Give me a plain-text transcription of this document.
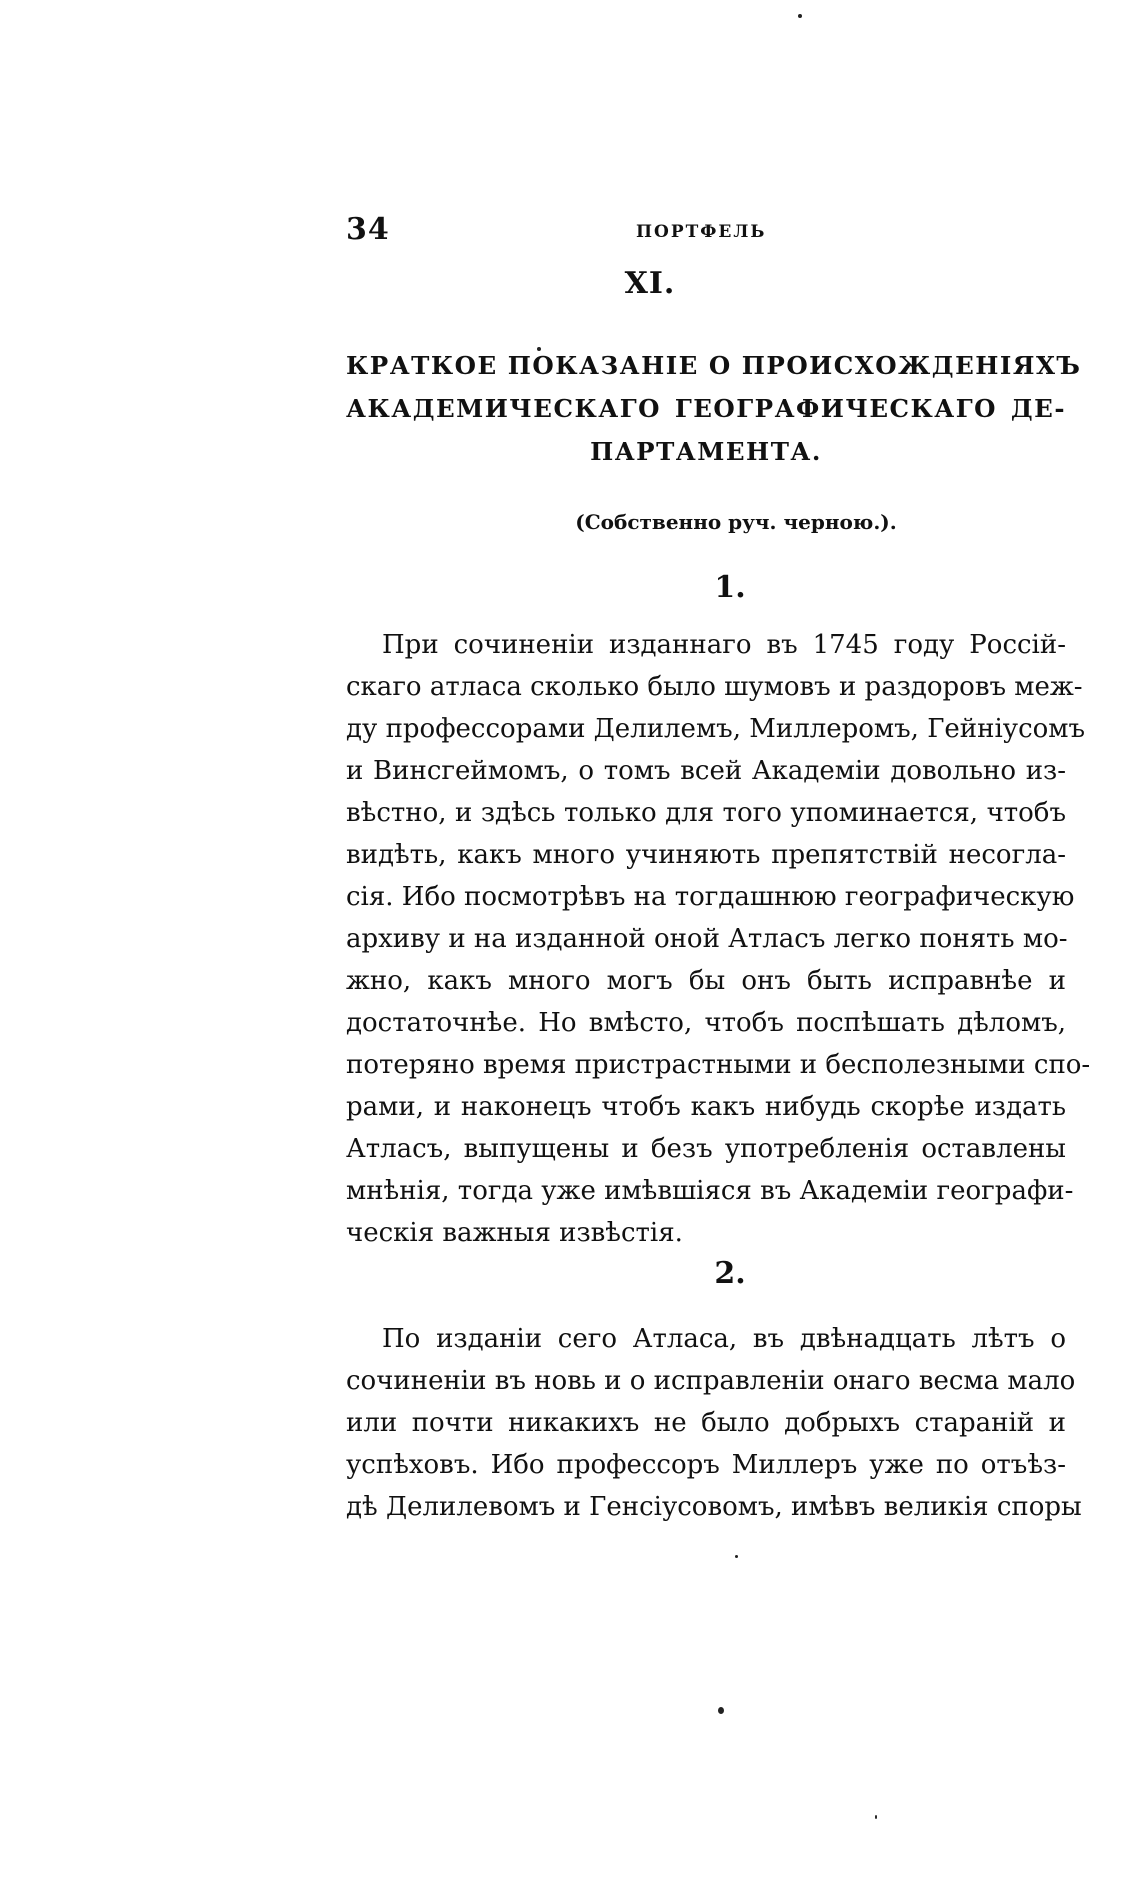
34	ПОРТФЕЛЬ
XI.
КРАТКОЕ ПОКАЗАНІЕ О ПРОИСХОЖДЕНІЯХЪ
АКАДЕМИЧЕСКАГО ГЕОГРАФИЧЕСКАГО ДЕ-
ПАРТАМЕНТА.
(Собственно руч. черною.).
1.

При сочиненіи изданнаго въ 1745 году Россій-
скаго атласа сколько было шумовъ и раздоровъ меж-
ду профессорами Делилемъ, Миллеромъ, Гейніусомъ
и Винсгеймомъ, о томъ всей Академіи довольно из-
вѣстно, и здѣсь только для того упоминается, чтобъ
видѣть, какъ много учиняють препятствій несогла-
сія. Ибо посмотрѣвъ на тогдашнюю географическую
архиву и на изданной оной Атласъ легко понять мо-
жно, какъ много могъ бы онъ быть исправнѣе и
достаточнѣе. Но вмѣсто, чтобъ поспѣшать дѣломъ,
потеряно время пристрастными и бесполезными спо-
рами, и наконецъ чтобъ какъ нибудь скорѣе издать
Атласъ, выпущены и безъ употребленія оставлены
мнѣнія, тогда уже имѣвшіяся въ Академіи географи-
ческія важныя извѣстія.

2.

По изданіи сего Атласа, въ двѣнадцать лѣтъ о
сочиненіи въ новь и о исправленіи онаго весма мало
или почти никакихъ не было добрыхъ стараній и
успѣховъ. Ибо профессоръ Миллеръ уже по отъѣз-
дѣ Делилевомъ и Генсіусовомъ, имѣвъ великія споры
